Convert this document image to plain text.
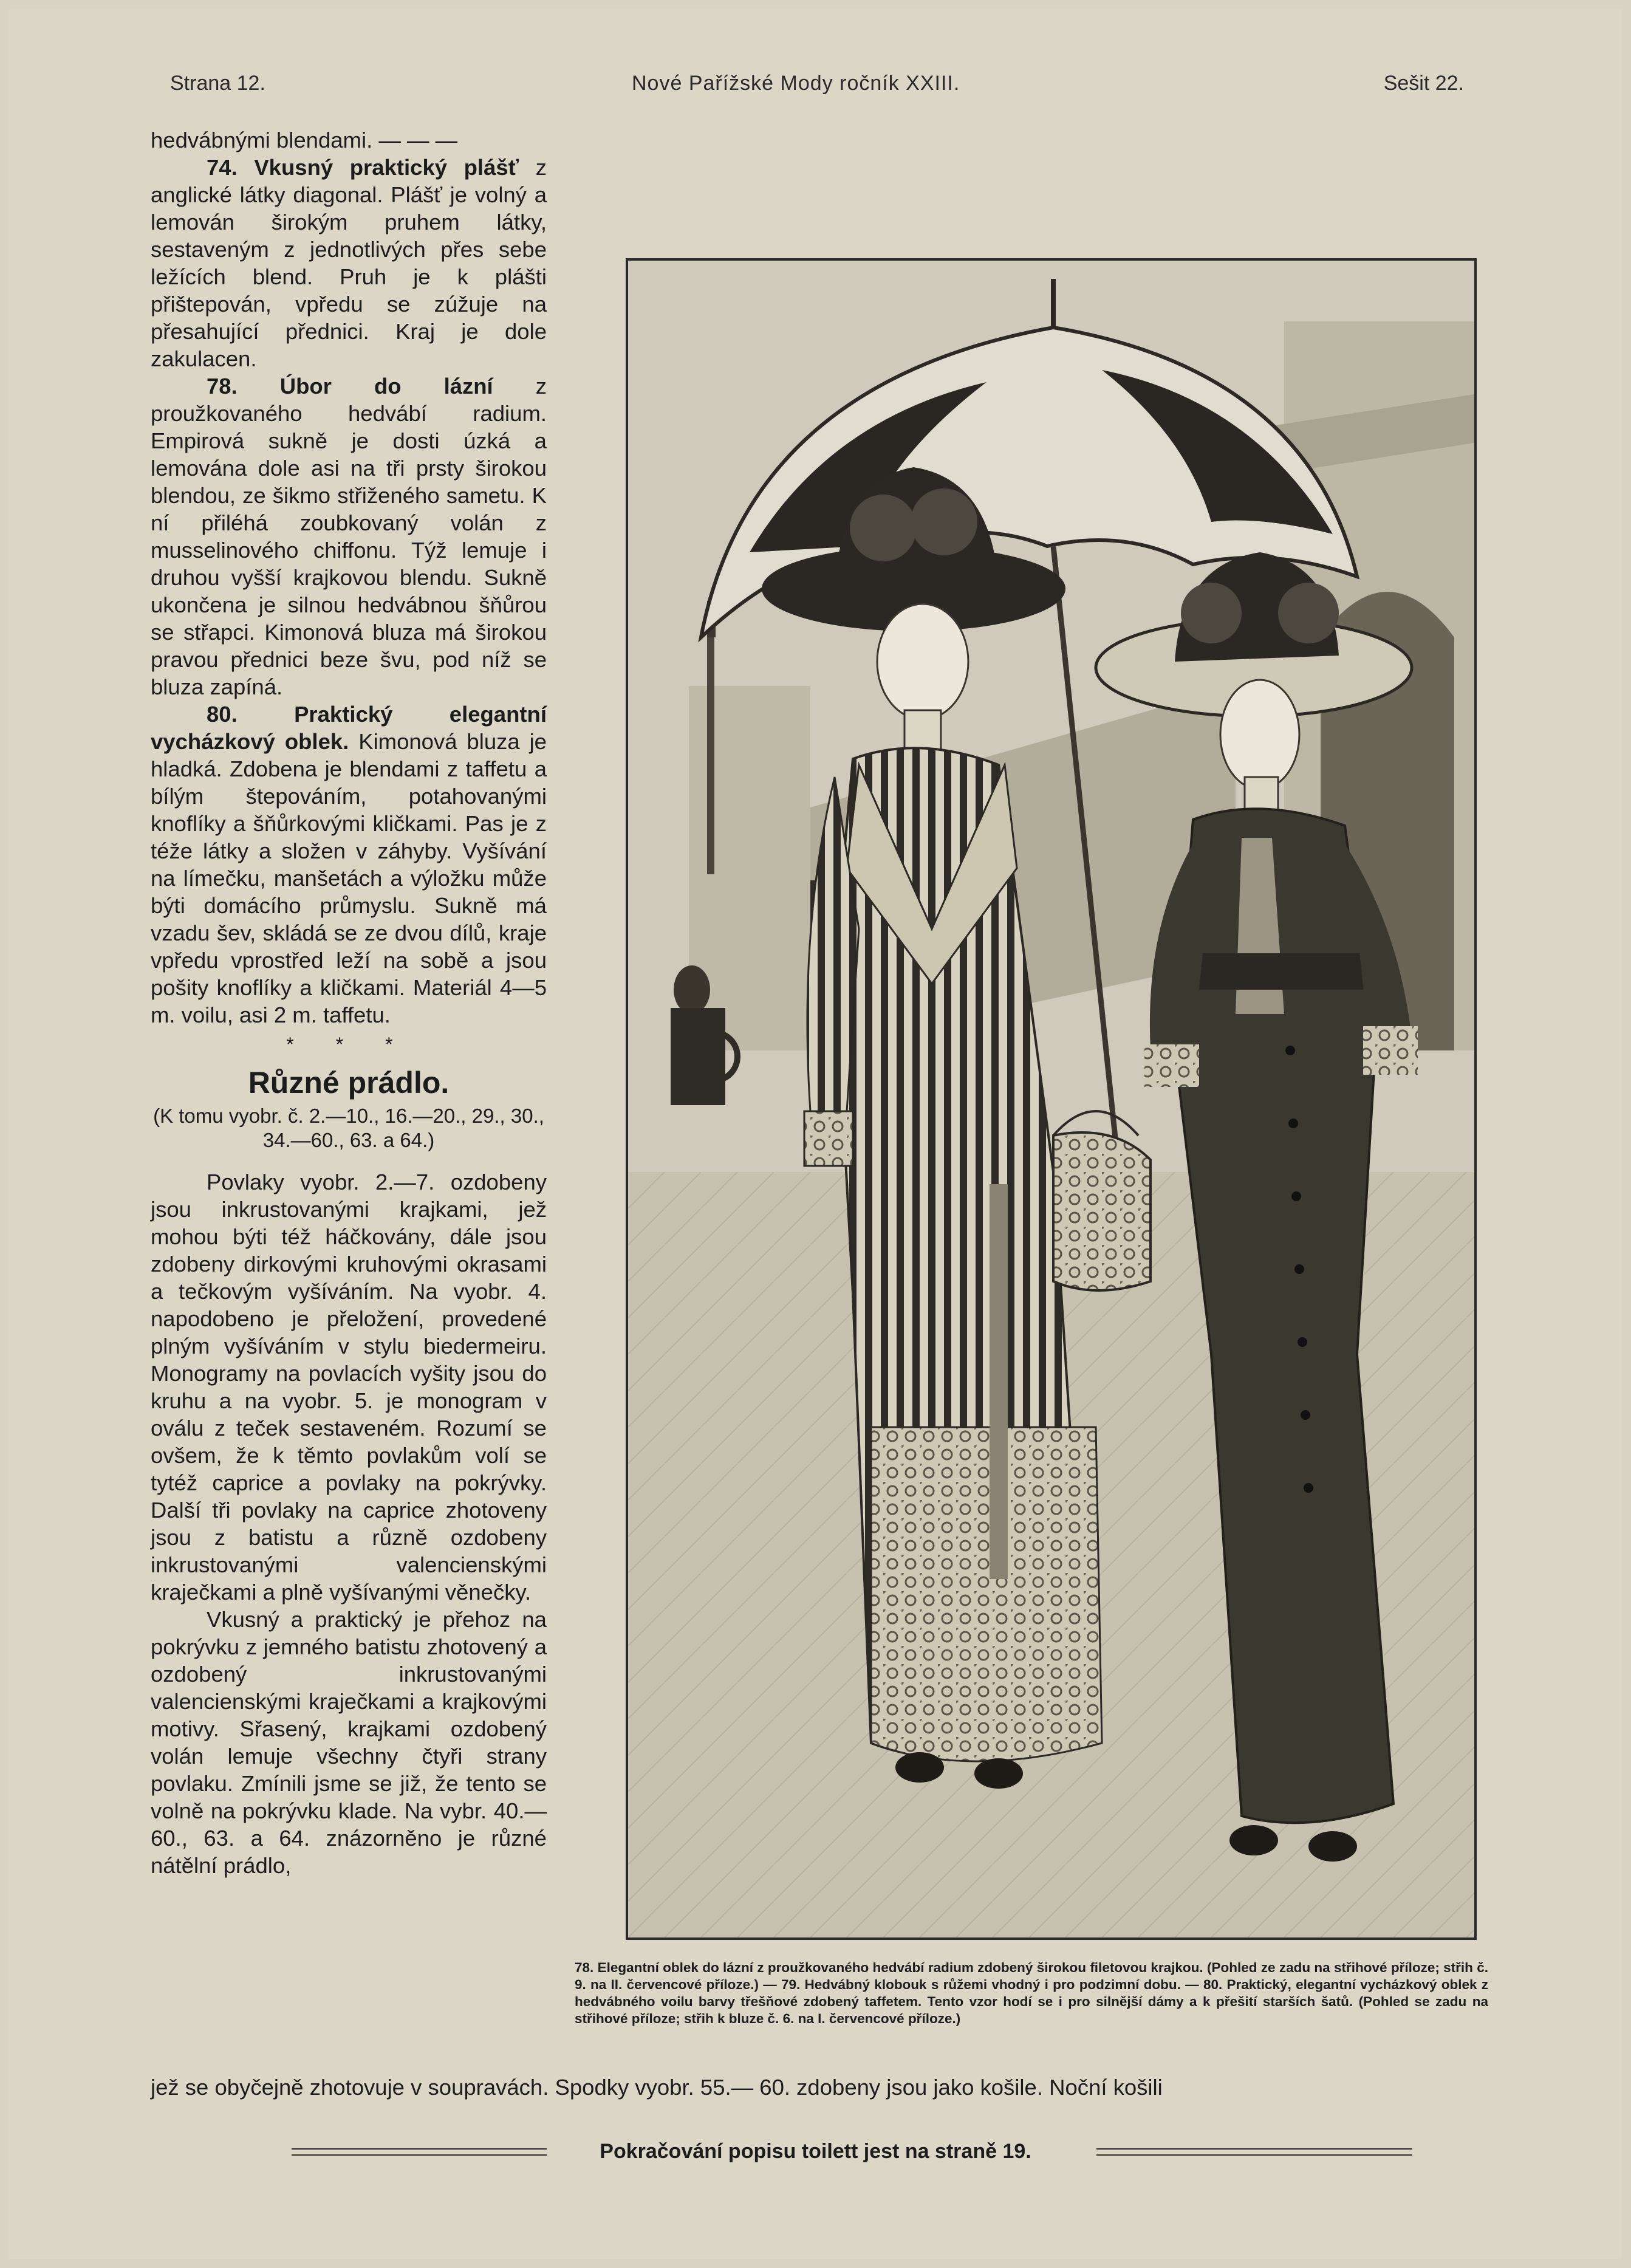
Strana 12.	Nové Pařížské Mody ročník XXIII.	Sešit 22.

hedvábnými blendami. — — —

74. Vkusný praktický plášť z anglické látky diagonal. Plášť je volný a lemován širokým pruhem látky, sestaveným z jednotlivých přes sebe ležících blend. Pruh je k plášti přištepován, vpředu se zúžuje na přesahující přednici. Kraj je dole zakulacen.

78. Úbor do lázní z proužkovaného hedvábí radium. Empirová sukně je dosti úzká a lemována dole asi na tři prsty širokou blendou, ze šikmo střiženého sametu. K ní přiléhá zoubkovaný volán z musselinového chiffonu. Týž lemuje i druhou vyšší krajkovou blendu. Sukně ukončena je silnou hedvábnou šňůrou se střapci. Kimonová bluza má širokou pravou přednici beze švu, pod níž se bluza zapíná.

80. Praktický elegantní vycházkový oblek. Kimonová bluza je hladká. Zdobena je blendami z taffetu a bílým štepováním, potahovanými knoflíky a šňůrkovými kličkami. Pas je z téže látky a složen v záhyby. Vyšívání na límečku, manšetách a výložku může býti domácího průmyslu. Sukně má vzadu šev, skládá se ze dvou dílů, kraje vpředu vprostřed leží na sobě a jsou pošity knoflíky a kličkami. Materiál 4—5 m. voilu, asi 2 m. taffetu.

* * *
Různé prádlo.
(K tomu vyobr. č. 2.—10., 16.—20., 29., 30., 34.—60., 63. a 64.)

Povlaky vyobr. 2.—7. ozdobeny jsou inkrustovanými krajkami, jež mohou býti též háčkovány, dále jsou zdobeny dirkovými kruhovými okrasami a tečkovým vyšíváním. Na vyobr. 4. napodobeno je přeložení, provedené plným vyšíváním v stylu biedermeiru. Monogramy na povlacích vyšity jsou do kruhu a na vyobr. 5. je monogram v oválu z teček sestaveném. Rozumí se ovšem, že k těmto povlakům volí se tytéž caprice a povlaky na pokrývky. Další tři povlaky na caprice zhotoveny jsou z batistu a různě ozdobeny inkrustovanými valencienskými kraječkami a plně vyšívanými věnečky.

Vkusný a praktický je přehoz na pokrývku z jemného batistu zhotovený a ozdobený inkrustovanými valencienskými kraječkami a krajkovými motivy. Sřasený, krajkami ozdobený volán lemuje všechny čtyři strany povlaku. Zmínili jsme se již, že tento se volně na pokrývku klade. Na vybr. 40.—60., 63. a 64. znázorněno je různé nátělní prádlo,

78. Elegantní oblek do lázní z proužkovaného hedvábí radium zdobený širokou filetovou krajkou. (Pohled ze zadu na střihové příloze; střih č. 9. na II. červencové příloze.) — 79. Hedvábný klobouk s růžemi vhodný i pro podzimní dobu. — 80. Praktický, elegantní vycházkový oblek z hedvábného voilu barvy třešňové zdobený taffetem. Tento vzor hodí se i pro silnější dámy a k přešití starších šatů. (Pohled se zadu na střihové příloze; střih k bluze č. 6. na I. červencové příloze.)
jež se obyčejně zhotovuje v soupravách. Spodky vyobr. 55.— 60. zdobeny jsou jako košile. Noční košili
Pokračování popisu toilett jest na straně 19.
